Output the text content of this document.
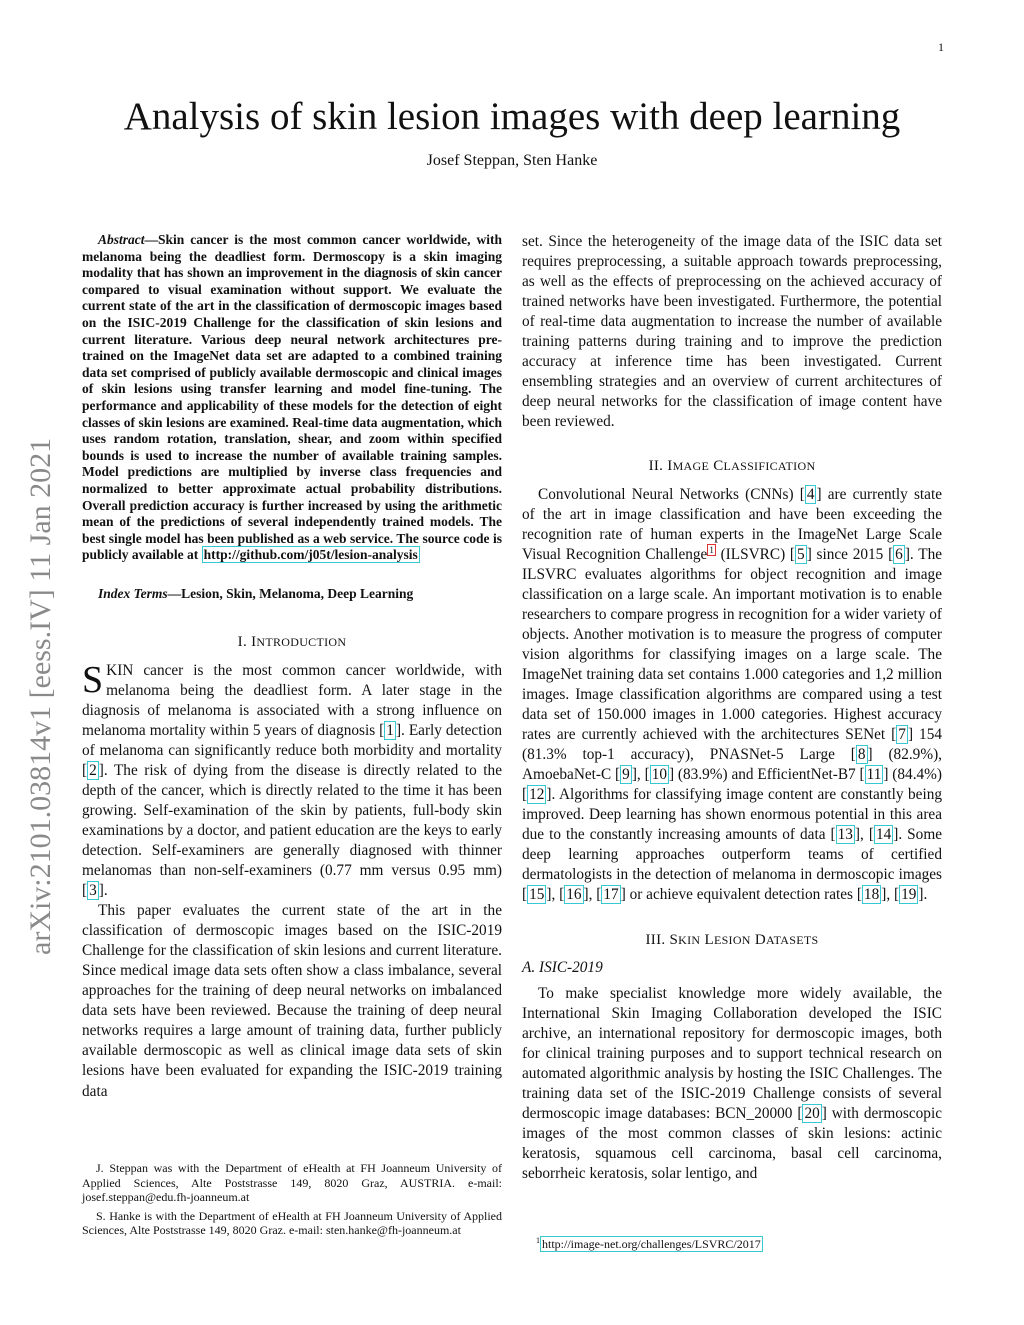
1
arXiv:2101.03814v1 [eess.IV] 11 Jan 2021
Analysis of skin lesion images with deep learning
Josef Steppan, Sten Hanke

Abstract—Skin cancer is the most common cancer worldwide, with melanoma being the deadliest form. Dermoscopy is a skin imaging modality that has shown an improvement in the diagnosis of skin cancer compared to visual examination without support. We evaluate the current state of the art in the classification of dermoscopic images based on the ISIC-2019 Challenge for the classification of skin lesions and current literature. Various deep neural network architectures pre-trained on the ImageNet data set are adapted to a combined training data set comprised of publicly available dermoscopic and clinical images of skin lesions using transfer learning and model fine-tuning. The performance and applicability of these models for the detection of eight classes of skin lesions are examined. Real-time data augmentation, which uses random rotation, translation, shear, and zoom within specified bounds is used to increase the number of available training samples. Model predictions are multiplied by inverse class frequencies and normalized to better approximate actual probability distributions. Overall prediction accuracy is further increased by using the arithmetic mean of the predictions of several independently trained models. The best single model has been published as a web service. The source code is publicly available at http://github.com/j05t/lesion-analysis

Index Terms—Lesion, Skin, Melanoma, Deep Learning

I. INTRODUCTION

SKIN cancer is the most common cancer worldwide, with melanoma being the deadliest form. A later stage in the diagnosis of melanoma is associated with a strong influence on melanoma mortality within 5 years of diagnosis [ 1 ]. Early detection of melanoma can significantly reduce both morbidity and mortality [ 2 ]. The risk of dying from the disease is directly related to the depth of the cancer, which is directly related to the time it has been growing. Self-examination of the skin by patients, full-body skin examinations by a doctor, and patient education are the keys to early detection. Self-examiners are generally diagnosed with thinner melanomas than non-self-examiners (0.77 mm versus 0.95 mm) [ 3 ].

This paper evaluates the current state of the art in the classification of dermoscopic images based on the ISIC-2019 Challenge for the classification of skin lesions and current literature. Since medical image data sets often show a class imbalance, several approaches for the training of deep neural networks on imbalanced data sets have been reviewed. Because the training of deep neural networks requires a large amount of training data, further publicly available dermoscopic as well as clinical image data sets of skin lesions have been evaluated for expanding the ISIC-2019 training data

J. Steppan was with the Department of eHealth at FH Joanneum University of Applied Sciences, Alte Poststrasse 149, 8020 Graz, AUSTRIA. e-mail: josef.steppan@edu.fh-joanneum.at

S. Hanke is with the Department of eHealth at FH Joanneum University of Applied Sciences, Alte Poststrasse 149, 8020 Graz. e-mail: sten.hanke@fh-joanneum.at

set. Since the heterogeneity of the image data of the ISIC data set requires preprocessing, a suitable approach towards preprocessing, as well as the effects of preprocessing on the achieved accuracy of trained networks have been investigated. Furthermore, the potential of real-time data augmentation to increase the number of available training patterns during training and to improve the prediction accuracy at inference time has been investigated. Current ensembling strategies and an overview of current architectures of deep neural networks for the classification of image content have been reviewed.

II. IMAGE CLASSIFICATION

Convolutional Neural Networks (CNNs) [ 4 ] are currently state of the art in image classification and have been exceeding the recognition rate of human experts in the ImageNet Large Scale Visual Recognition Challenge $^1$ (ILSVRC) [ 5 ] since 2015 [ 6 ]. The ILSVRC evaluates algorithms for object recognition and image classification on a large scale. An important motivation is to enable researchers to compare progress in recognition for a wider variety of objects. Another motivation is to measure the progress of computer vision algorithms for classifying images on a large scale. The ImageNet training data set contains 1.000 categories and 1,2 million images. Image classification algorithms are compared using a test data set of 150.000 images in 1.000 categories. Highest accuracy rates are currently achieved with the architectures SENet [ 7 ] 154 (81.3% top-1 accuracy), PNASNet-5 Large [ 8 ] (82.9%), AmoebaNet-C [ 9 ], [ 10 ] (83.9%) and EfficientNet-B7 [ 11 ] (84.4%) [ 12 ]. Algorithms for classifying image content are constantly being improved. Deep learning has shown enormous potential in this area due to the constantly increasing amounts of data [ 13 ], [ 14 ]. Some deep learning approaches outperform teams of certified dermatologists in the detection of melanoma in dermoscopic images [ 15 ], [ 16 ], [ 17 ] or achieve equivalent detection rates [ 18 ], [ 19 ].

III. SKIN LESION DATASETS
A. ISIC-2019

To make specialist knowledge more widely available, the International Skin Imaging Collaboration developed the ISIC archive, an international repository for dermoscopic images, both for clinical training purposes and to support technical research on automated algorithmic analysis by hosting the ISIC Challenges. The training data set of the ISIC-2019 Challenge consists of several dermoscopic image databases: BCN_20000 [ 20 ] with dermoscopic images of the most common classes of skin lesions: actinic keratosis, squamous cell carcinoma, basal cell carcinoma, seborrheic keratosis, solar lentigo, and

$^1$ http://image-net.org/challenges/LSVRC/2017
